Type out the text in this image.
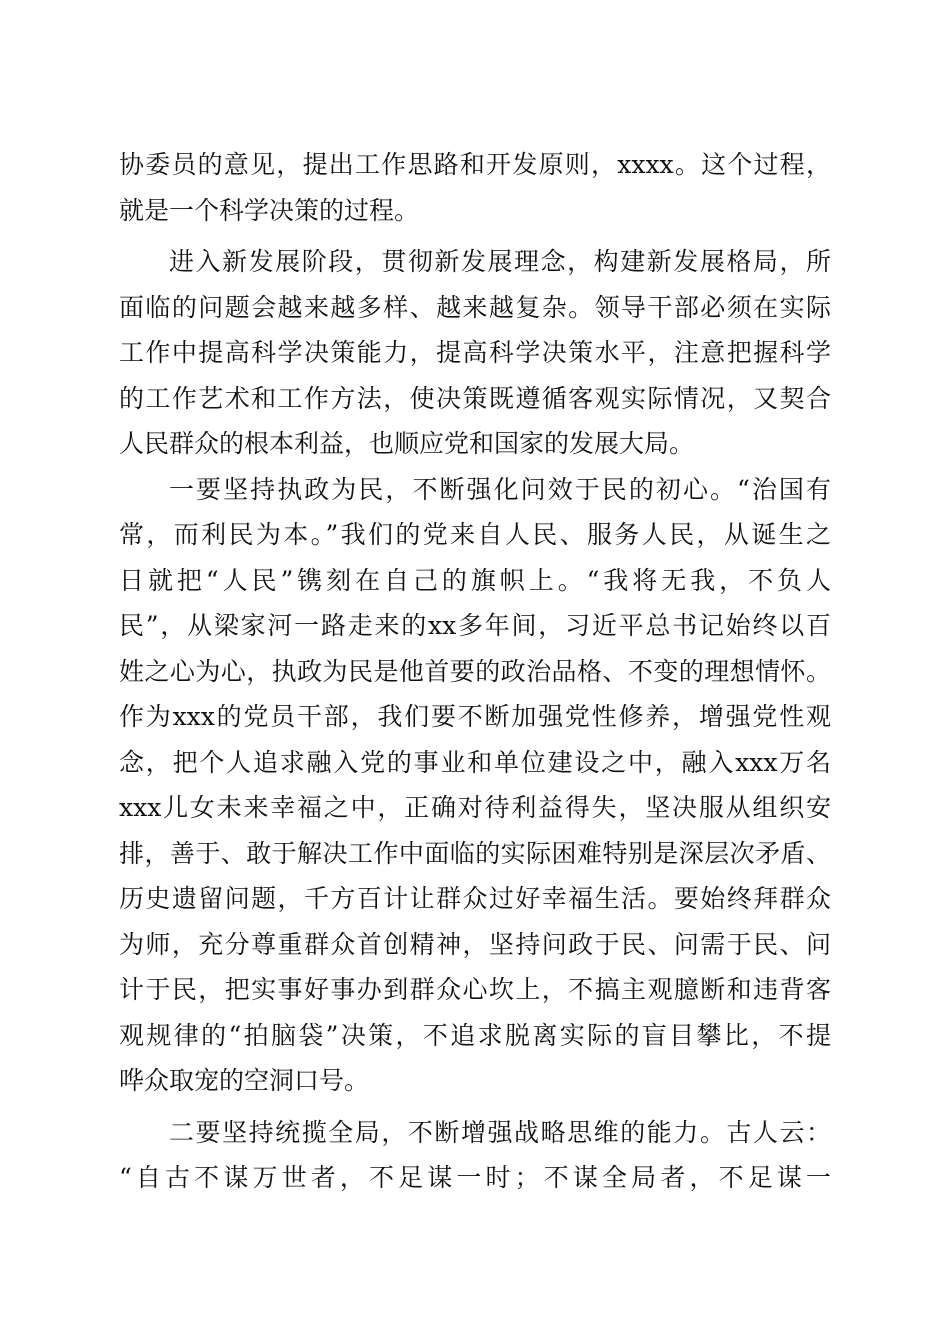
协委员的意见，提出工作思路和开发原则，xxxx。这个过程，
就是一个科学决策的过程。
进入新发展阶段，贯彻新发展理念，构建新发展格局，所
面临的问题会越来越多样、越来越复杂。领导干部必须在实际
工作中提高科学决策能力，提高科学决策水平，注意把握科学
的工作艺术和工作方法，使决策既遵循客观实际情况，又契合
人民群众的根本利益，也顺应党和国家的发展大局。
一要坚持执政为民，不断强化问效于民的初心。“治国有
常，而利民为本。”我们的党来自人民、服务人民，从诞生之
日就把“人民”镌刻在自己的旗帜上。“我将无我，不负人
民”，从梁家河一路走来的xx多年间，习近平总书记始终以百
姓之心为心，执政为民是他首要的政治品格、不变的理想情怀。
作为xxx的党员干部，我们要不断加强党性修养，增强党性观
念，把个人追求融入党的事业和单位建设之中，融入xxx万名
xxx儿女未来幸福之中，正确对待利益得失，坚决服从组织安
排，善于、敢于解决工作中面临的实际困难特别是深层次矛盾、
历史遗留问题，千方百计让群众过好幸福生活。要始终拜群众
为师，充分尊重群众首创精神，坚持问政于民、问需于民、问
计于民，把实事好事办到群众心坎上，不搞主观臆断和违背客
观规律的“拍脑袋”决策，不追求脱离实际的盲目攀比，不提
哗众取宠的空洞口号。
二要坚持统揽全局，不断增强战略思维的能力。古人云：
“自古不谋万世者，不足谋一时；不谋全局者，不足谋一
